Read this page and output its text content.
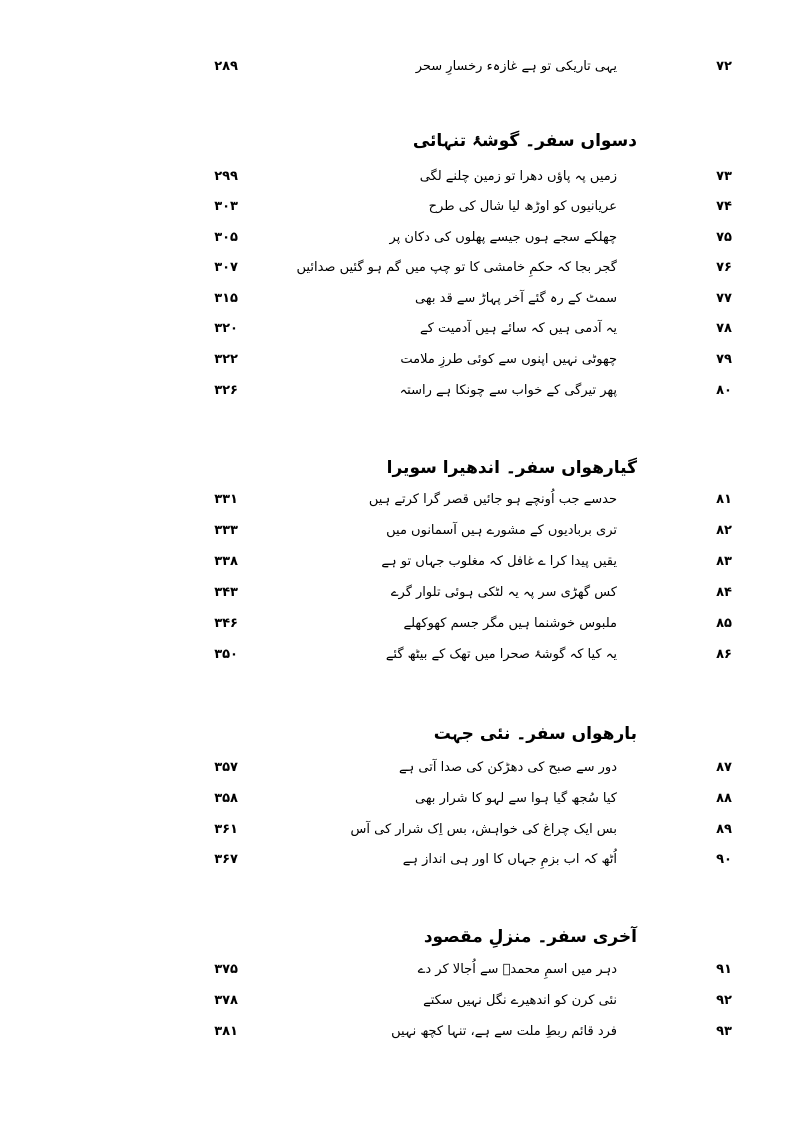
۷۲
یہی تاریکی تو ہے غازہء رخسارِ سحر
۲۸۹
دسواں سفر۔ گوشۂ تنہائی
۷۳
زمیں پہ پاؤں دھرا تو زمین چلنے لگی
۲۹۹
۷۴
عریانیوں کو اوڑھ لیا شال کی طرح
۳۰۳
۷۵
چھلکے سجے ہوں جیسے پھلوں کی دکان پر
۳۰۵
۷۶
گجر بجا کہ حکمِ خامشی کا تو چپ میں گم ہو گئیں صدائیں
۳۰۷
۷۷
سمٹ کے رہ گئے آخر پہاڑ سے قد بھی
۳۱۵
۷۸
یہ آدمی ہیں کہ سائے ہیں آدمیت کے
۳۲۰
۷۹
چھوٹی نہیں اپنوں سے کوئی طرزِ ملامت
۳۲۲
۸۰
پھر تیرگی کے خواب سے چونکا ہے راستہ
۳۲۶
گیارھواں سفر۔ اندھیرا سویرا
۸۱
حدسے جب اُونچے ہو جائیں قصر گرا کرتے ہیں
۳۳۱
۸۲
تری بربادیوں کے مشورے ہیں آسمانوں میں
۳۳۳
۸۳
یقیں پیدا کرا ے غافل کہ مغلوب جہاں تو ہے
۳۳۸
۸۴
کس گھڑی سر پہ یہ لٹکی ہوئی تلوار گرے
۳۴۳
۸۵
ملبوس خوشنما ہیں مگر جسم کھوکھلے
۳۴۶
۸۶
یہ کیا کہ گوشۂ صحرا میں تھک کے بیٹھ گئے
۳۵۰
بارھواں سفر۔ نئی جہت
۸۷
دور سے صبح کی دھڑکن کی صدا آتی ہے
۳۵۷
۸۸
کیا سُجھ گیا ہوا سے لہو کا شرار بھی
۳۵۸
۸۹
بس ایک چراغ کی خواہش، بس اِک شرار کی آس
۳۶۱
۹۰
اُٹھ کہ اب بزمِ جہاں کا اور ہی انداز ہے
۳۶۷
آخری سفر۔ منزلِ مقصود
۹۱
دہر میں اسمِ محمدؐ سے اُجالا کر دے
۳۷۵
۹۲
نئی کرن کو اندھیرے نگل نہیں سکتے
۳۷۸
۹۳
فرد قائم ربطِ ملت سے ہے، تنہا کچھ نہیں
۳۸۱
